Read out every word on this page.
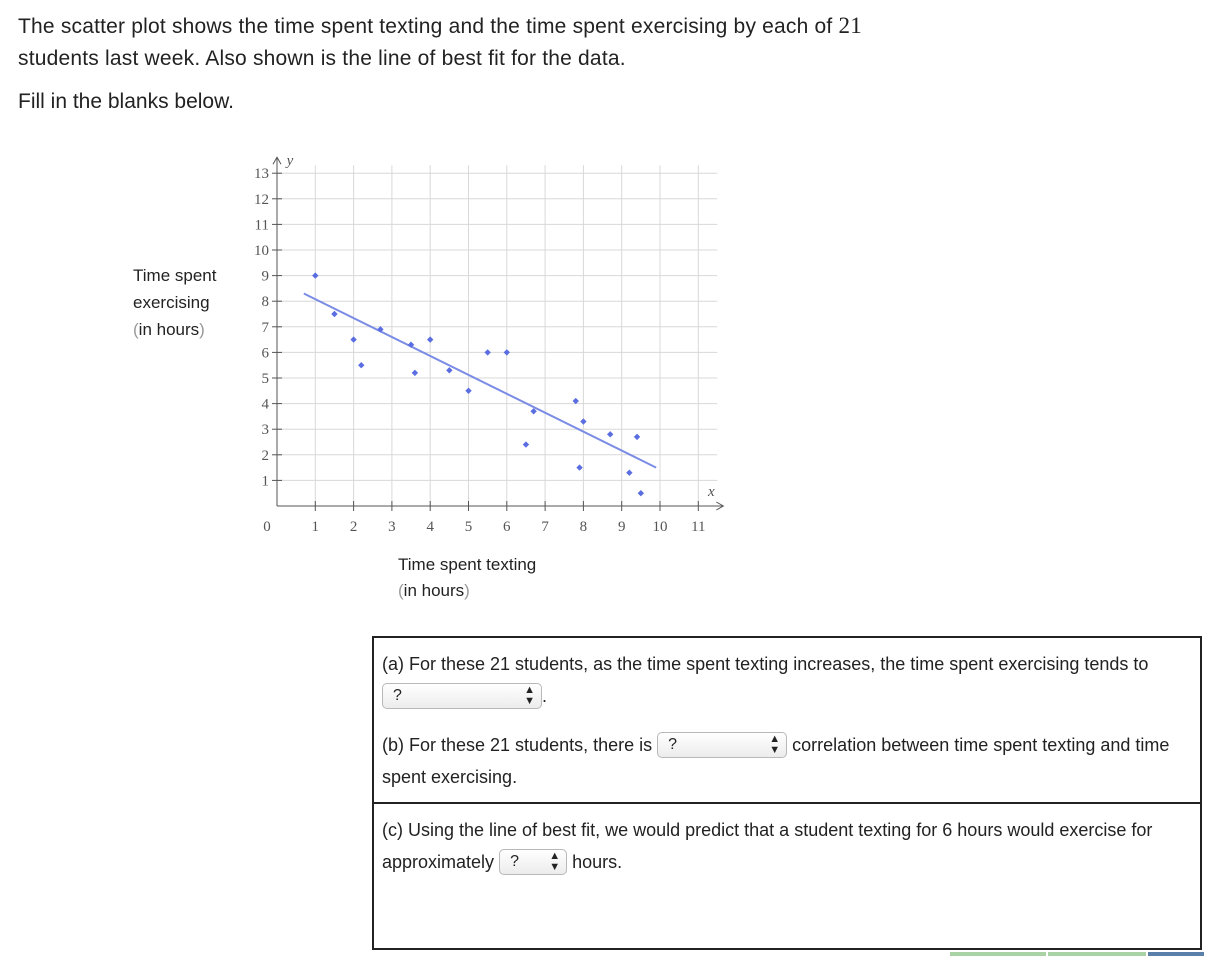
The scatter plot shows the time spent texting and the time spent exercising by each of 21
students last week. Also shown is the line of best fit for the data.
Fill in the blanks below.
1 2 3 4 5 6 7 8 9 10 11
1
2
3
4
5
6
7
8
9
10
11
12
13
0
x
y
Time spent
exercising
(in hours)
Time spent texting
(in hours)
(a) For these 21 students, as the time spent texting increases, the time spent exercising tends to ?	▲
▼ .
(b) For these 21 students, there is ?	▲
▼ correlation between time spent texting and time spent exercising.
(c) Using the line of best fit, we would predict that a student texting for 6 hours would exercise for approximately ?	▲
▼ hours.
